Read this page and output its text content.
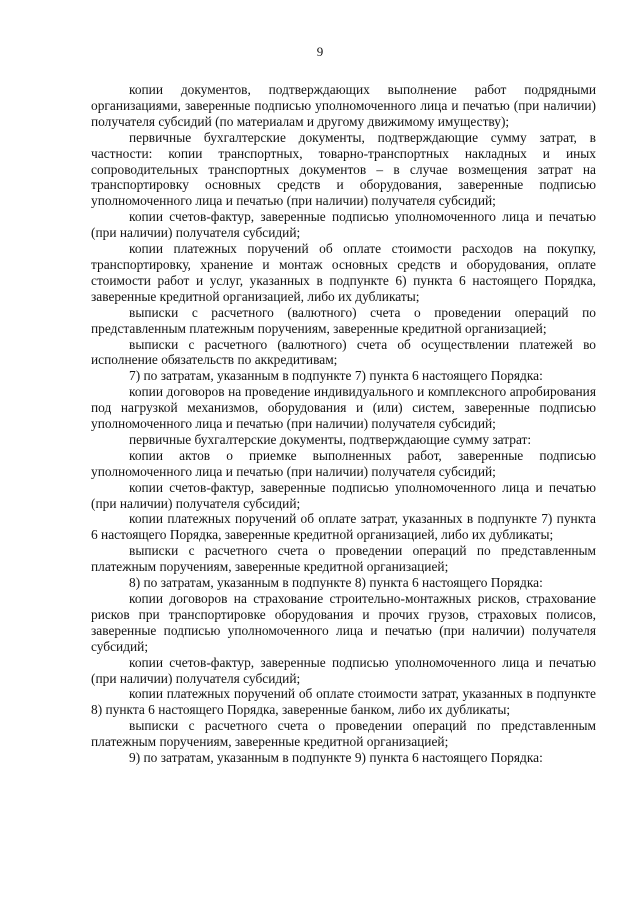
9

копии документов, подтверждающих выполнение работ подрядными организациями, заверенные подписью уполномоченного лица и печатью (при наличии) получателя субсидий (по материалам и другому движимому имуществу);

первичные бухгалтерские документы, подтверждающие сумму затрат, в частности: копии транспортных, товарно-транспортных накладных и иных сопроводительных транспортных документов – в случае возмещения затрат на транспортировку основных средств и оборудования, заверенные подписью уполномоченного лица и печатью (при наличии) получателя субсидий;

копии счетов-фактур, заверенные подписью уполномоченного лица и печатью (при наличии) получателя субсидий;

копии платежных поручений об оплате стоимости расходов на покупку, транспортировку, хранение и монтаж основных средств и оборудования, оплате стоимости работ и услуг, указанных в подпункте 6) пункта 6 настоящего Порядка, заверенные кредитной организацией, либо их дубликаты;

выписки с расчетного (валютного) счета о проведении операций по представленным платежным поручениям, заверенные кредитной организацией;

выписки с расчетного (валютного) счета об осуществлении платежей во исполнение обязательств по аккредитивам;

7) по затратам, указанным в подпункте 7) пункта 6 настоящего Порядка:

копии договоров на проведение индивидуального и комплексного апробирования под нагрузкой механизмов, оборудования и (или) систем, заверенные подписью уполномоченного лица и печатью (при наличии) получателя субсидий;

первичные бухгалтерские документы, подтверждающие сумму затрат:

копии актов о приемке выполненных работ, заверенные подписью уполномоченного лица и печатью (при наличии) получателя субсидий;

копии счетов-фактур, заверенные подписью уполномоченного лица и печатью (при наличии) получателя субсидий;

копии платежных поручений об оплате затрат, указанных в подпункте 7) пункта 6 настоящего Порядка, заверенные кредитной организацией, либо их дубликаты;

выписки с расчетного счета о проведении операций по представленным платежным поручениям, заверенные кредитной организацией;

8) по затратам, указанным в подпункте 8) пункта 6 настоящего Порядка:

копии договоров на страхование строительно-монтажных рисков, страхование рисков при транспортировке оборудования и прочих грузов, страховых полисов, заверенные подписью уполномоченного лица и печатью (при наличии) получателя субсидий;

копии счетов-фактур, заверенные подписью уполномоченного лица и печатью (при наличии) получателя субсидий;

копии платежных поручений об оплате стоимости затрат, указанных в подпункте 8) пункта 6 настоящего Порядка, заверенные банком, либо их дубликаты;

выписки с расчетного счета о проведении операций по представленным платежным поручениям, заверенные кредитной организацией;

9) по затратам, указанным в подпункте 9) пункта 6 настоящего Порядка:
